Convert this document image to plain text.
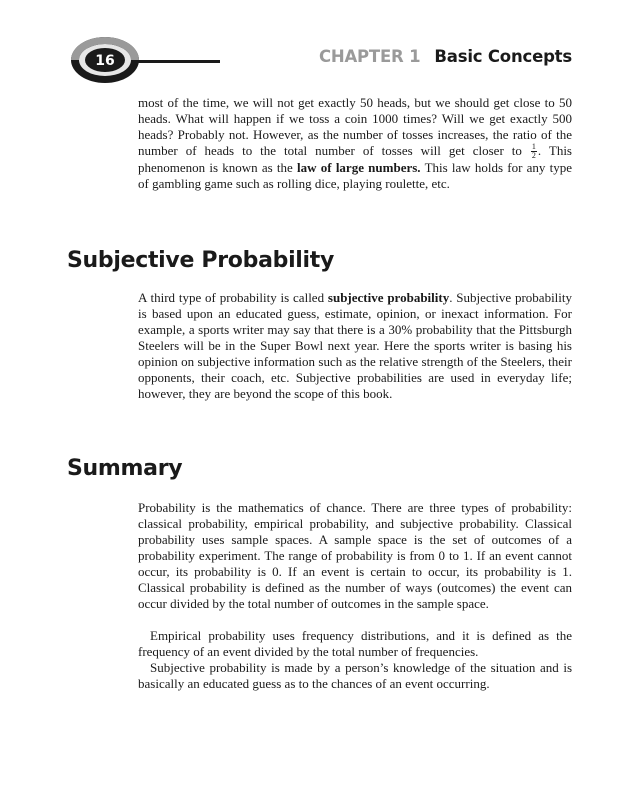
16	CHAPTER 1 Basic Concepts

most of the time, we will not get exactly 50 heads, but we should get close to 50 heads. What will happen if we toss a coin 1000 times? Will we get exactly 500 heads? Probably not. However, as the number of tosses increases, the ratio of the number of heads to the total number of tosses will get closer to $\frac{1}{2}$ . This phenomenon is known as the law of large numbers. This law holds for any type of gambling game such as rolling dice, playing roulette, etc.

Subjective Probability

A third type of probability is called subjective probability. Subjective probability is based upon an educated guess, estimate, opinion, or inexact information. For example, a sports writer may say that there is a 30% probability that the Pittsburgh Steelers will be in the Super Bowl next year. Here the sports writer is basing his opinion on subjective information such as the relative strength of the Steelers, their opponents, their coach, etc. Subjective probabilities are used in everyday life; however, they are beyond the scope of this book.

Summary

Probability is the mathematics of chance. There are three types of probability: classical probability, empirical probability, and subjective probability. Classical probability uses sample spaces. A sample space is the set of outcomes of a probability experiment. The range of probability is from 0 to 1. If an event cannot occur, its probability is 0. If an event is certain to occur, its probability is 1. Classical probability is defined as the number of ways (outcomes) the event can occur divided by the total number of outcomes in the sample space.

Empirical probability uses frequency distributions, and it is defined as the frequency of an event divided by the total number of frequencies.

Subjective probability is made by a person’s knowledge of the situation and is basically an educated guess as to the chances of an event occurring.
